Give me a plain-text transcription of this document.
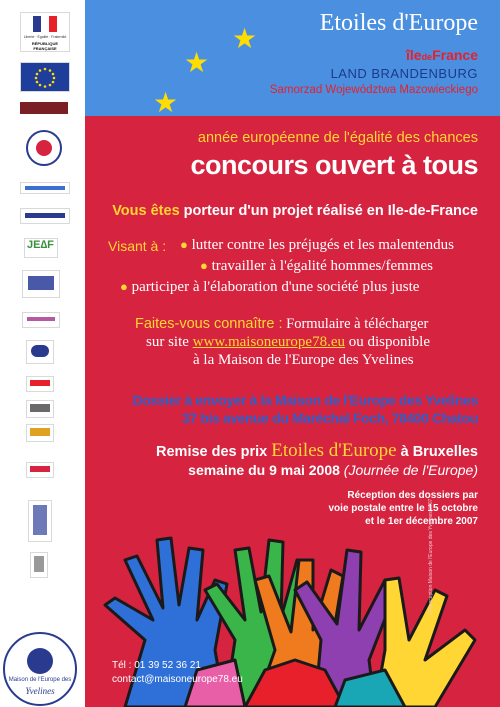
Liberté · Égalité · Fraternité
RÉPUBLIQUE FRANÇAISE
JE∆F
★
★
★
Etoiles d'Europe
îledeFrance
LAND BRANDENBURG
Samorzad Województwa Mazowieckiego
année européenne de l'égalité des chances
concours ouvert à tous
Vous êtes porteur d'un projet réalisé en Ile-de-France
Visant à : ● lutter contre les préjugés et les malentendus
● travailler à l'égalité hommes/femmes
● participer à l'élaboration d'une société plus juste
Faites-vous connaître : Formulaire à télécharger
sur site www.maisoneurope78.eu ou disponible
à la Maison de l'Europe des Yvelines
Dossier à envoyer à la Maison de l'Europe des Yvelines
37 bis avenue du Maréchal Foch, 78400 Chatou
Remise des prix Etoiles d'Europe à Bruxelles
semaine du 9 mai 2008 (Journée de l'Europe)
Réception des dossiers par
voie postale entre le 15 octobre
et le 1er décembre 2007
Maison de l'Europe des
Yvelines
Tél : 01 39 52 36 21
contact@maisoneurope78.eu
© Conception Maison de l'Europe des Yvelines 2007
